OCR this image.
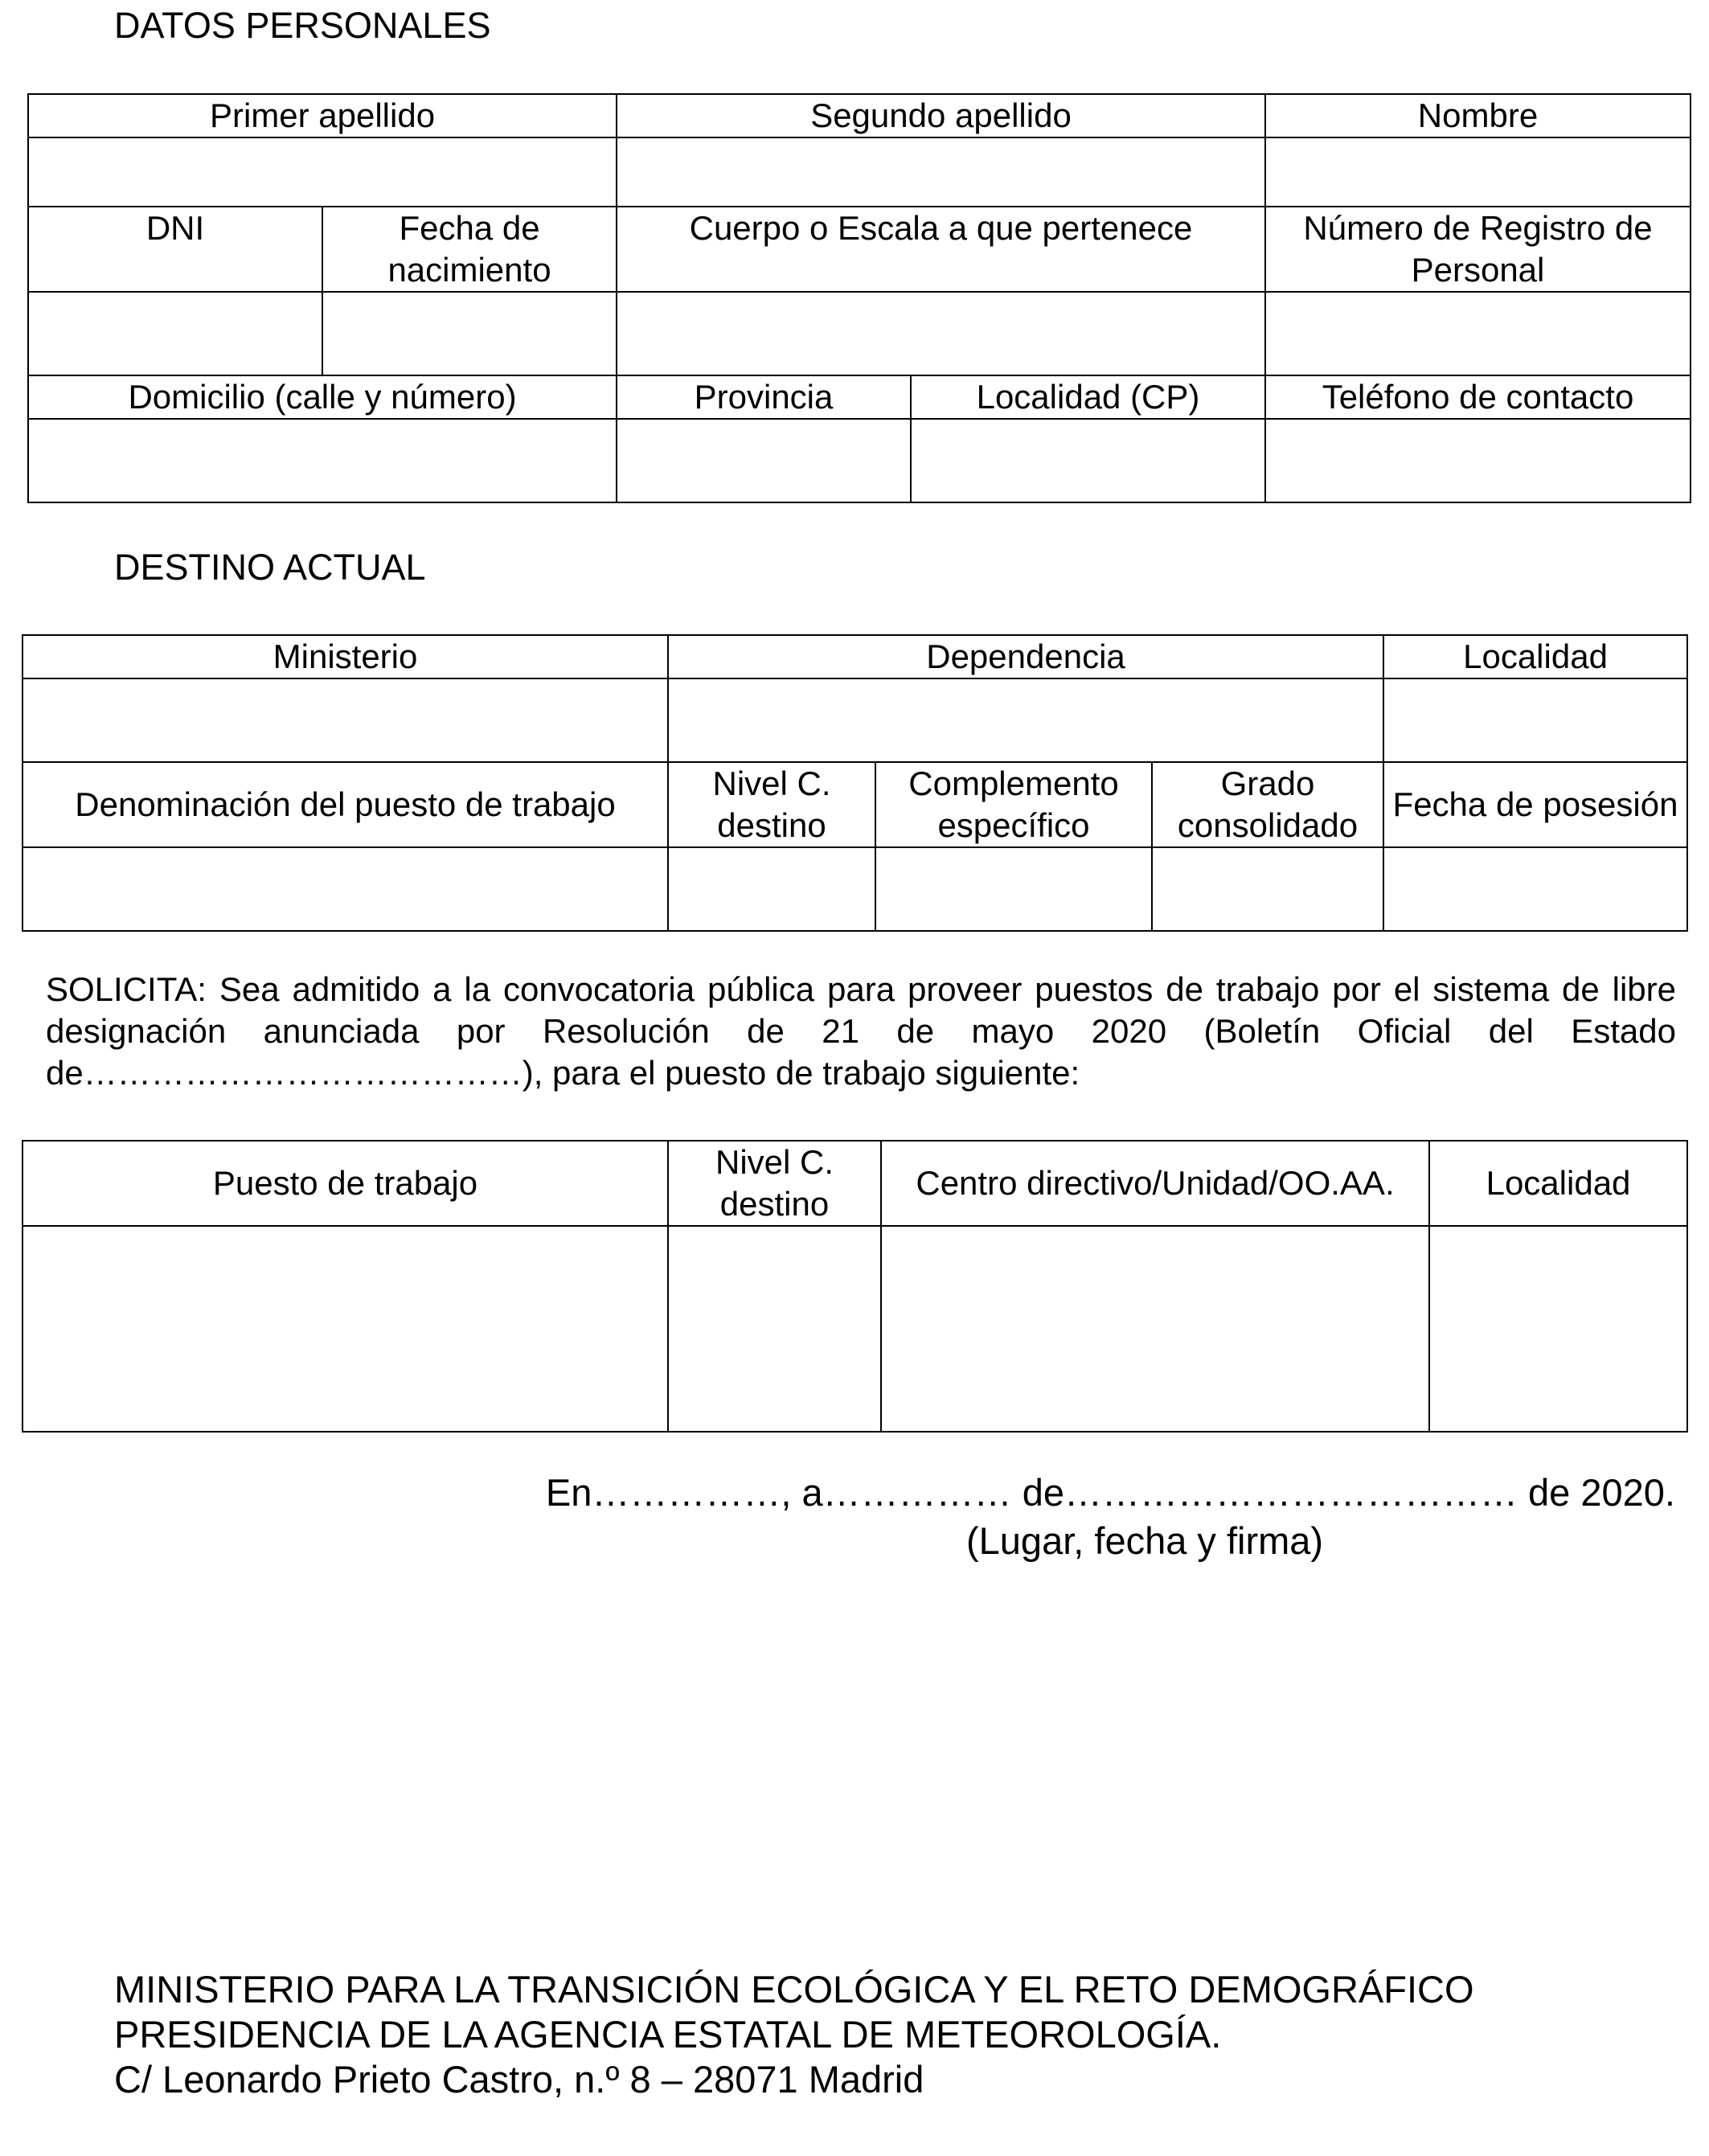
DATOS PERSONALES
Primer apellido		Segundo apellido		Nombre

DNI	Fecha de nacimiento	Cuerpo o Escala a que pertenece		Número de Registro de Personal

Domicilio (calle y número)		Provincia	Localidad (CP)	Teléfono de contacto

DESTINO ACTUAL
Ministerio	Dependencia			Localidad

Denominación del puesto de trabajo	Nivel C. destino	Complemento específico	Grado consolidado	Fecha de posesión

SOLICITA: Sea admitido a la convocatoria pública para proveer puestos de trabajo por el sistema de libre designación anunciada por Resolución de 21 de mayo 2020 (Boletín Oficial del Estado de…………………………………), para el puesto de trabajo siguiente:
Puesto de trabajo	Nivel C. destino	Centro directivo/Unidad/OO.AA.	Localidad

En……………, a…………… de……………………………… de 2020.
(Lugar, fecha y firma)
MINISTERIO PARA LA TRANSICIÓN ECOLÓGICA Y EL RETO DEMOGRÁFICO
PRESIDENCIA DE LA AGENCIA ESTATAL DE METEOROLOGÍA.
C/ Leonardo Prieto Castro, n.º 8 – 28071 Madrid
